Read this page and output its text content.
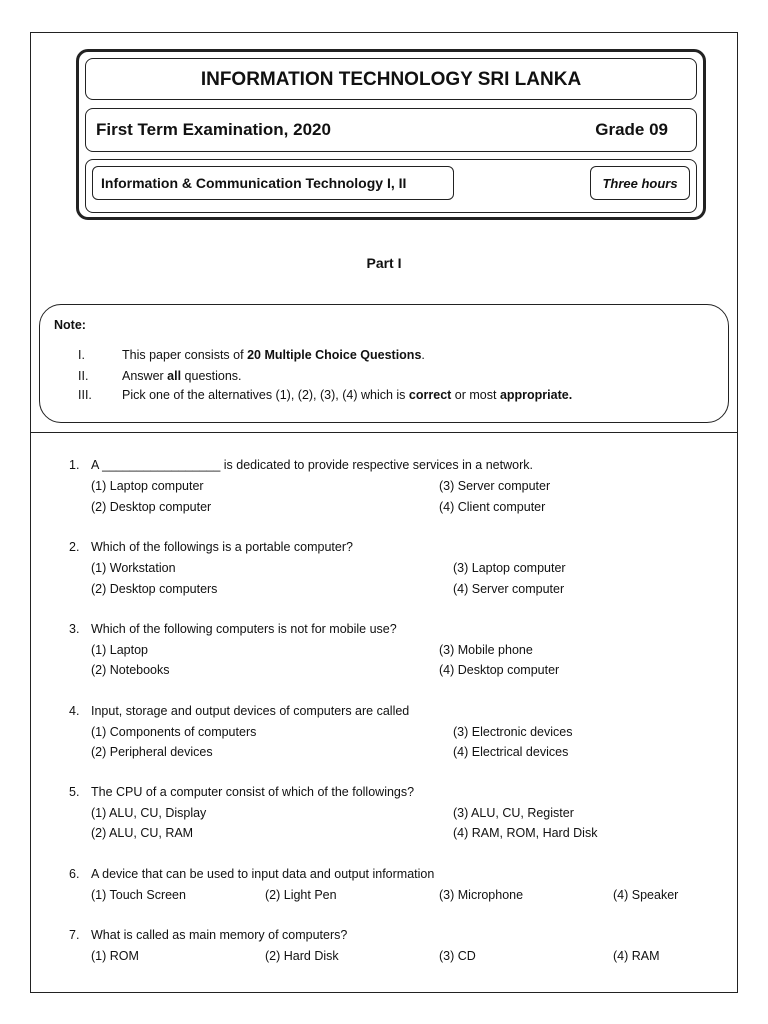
INFORMATION TECHNOLOGY SRI LANKA
First Term Examination, 2020	Grade 09
Information & Communication Technology I, II	Three hours
Part I
Note:
I.	This paper consists of 20 Multiple Choice Questions.
II.	Answer all questions.
III. Pick one of the alternatives (1), (2), (3), (4) which is correct or most appropriate.
1. A _________________ is dedicated to provide respective services in a network.
(1) Laptop computer
(2) Desktop computer
(3) Server computer
(4) Client computer
2. Which of the followings is a portable computer?
(1) Workstation
(2) Desktop computers
(3) Laptop computer
(4) Server computer
3. Which of the following computers is not for mobile use?
(1) Laptop
(2) Notebooks
(3) Mobile phone
(4) Desktop computer
4. Input, storage and output devices of computers are called
(1) Components of computers
(2) Peripheral devices
(3) Electronic devices
(4) Electrical devices
5. The CPU of a computer consist of which of the followings?
(1) ALU, CU, Display
(2) ALU, CU, RAM
(3) ALU, CU, Register
(4) RAM, ROM, Hard Disk
6. A device that can be used to input data and output information
(1) Touch Screen	(2) Light Pen	(3) Microphone	(4) Speaker
7. What is called as main memory of computers?
(1) ROM	(2) Hard Disk	(3) CD	(4) RAM
